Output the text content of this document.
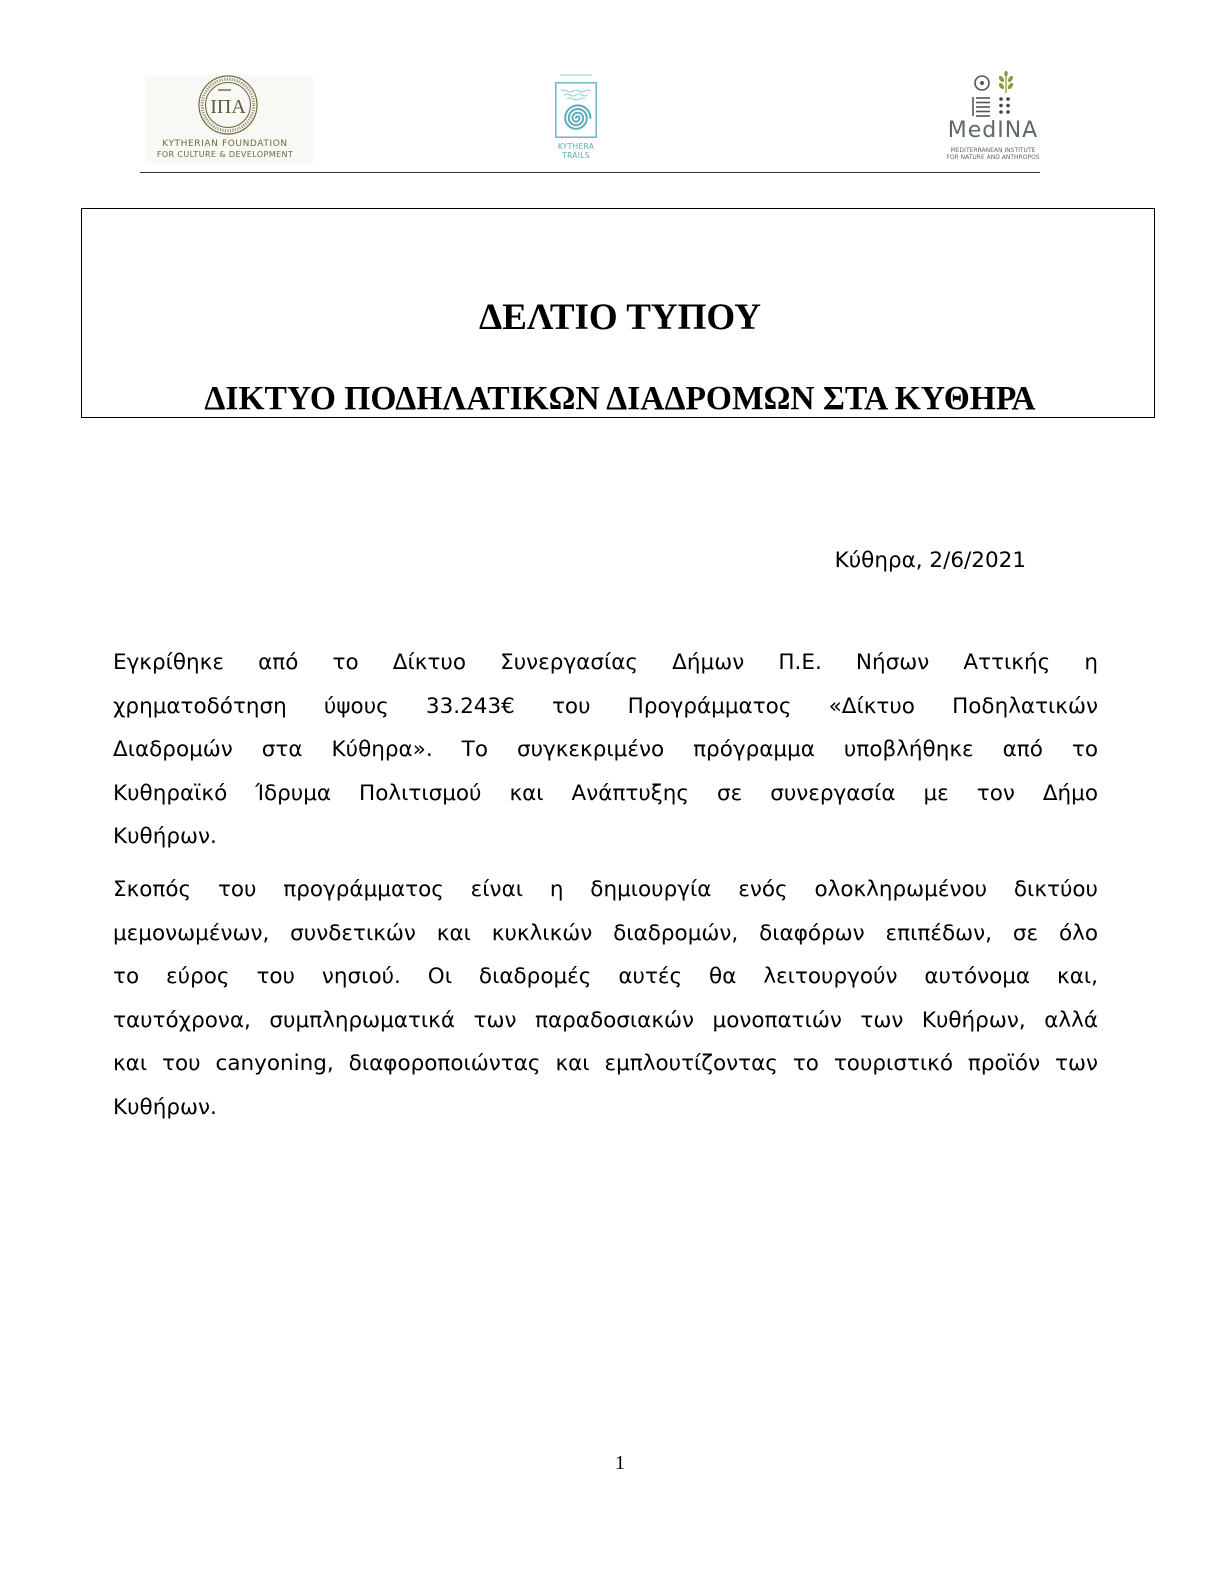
ΙΠΑ
KYTHERIAN FOUNDATION
FOR CULTURE & DEVELOPMENT
KYTHERA
TRAILS
MedINA
MEDITERRANEAN INSTITUTE
FOR NATURE AND ANTHROPOS
ΔΕΛΤΙΟ ΤΥΠΟΥ
ΔΙΚΤΥΟ ΠΟΔΗΛΑΤΙΚΩΝ ΔΙΑΔΡΟΜΩΝ ΣΤΑ ΚΥΘΗΡΑ
Κύθηρα, 2/6/2021
Εγκρίθηκε από το Δίκτυο Συνεργασίας Δήμων Π.Ε. Νήσων Αττικής η
χρηματοδότηση ύψους 33.243€ του Προγράμματος «Δίκτυο Ποδηλατικών
Διαδρομών στα Κύθηρα». Το συγκεκριμένο πρόγραμμα υποβλήθηκε από το
Κυθηραϊκό Ίδρυμα Πολιτισμού και Ανάπτυξης σε συνεργασία με τον Δήμο
Κυθήρων.
Σκοπός του προγράμματος είναι η δημιουργία ενός ολοκληρωμένου δικτύου
μεμονωμένων, συνδετικών και κυκλικών διαδρομών, διαφόρων επιπέδων, σε όλο
το εύρος του νησιού. Οι διαδρομές αυτές θα λειτουργούν αυτόνομα και,
ταυτόχρονα, συμπληρωματικά των παραδοσιακών μονοπατιών των Κυθήρων, αλλά
και του canyoning, διαφοροποιώντας και εμπλουτίζοντας το τουριστικό προϊόν των
Κυθήρων.
1
